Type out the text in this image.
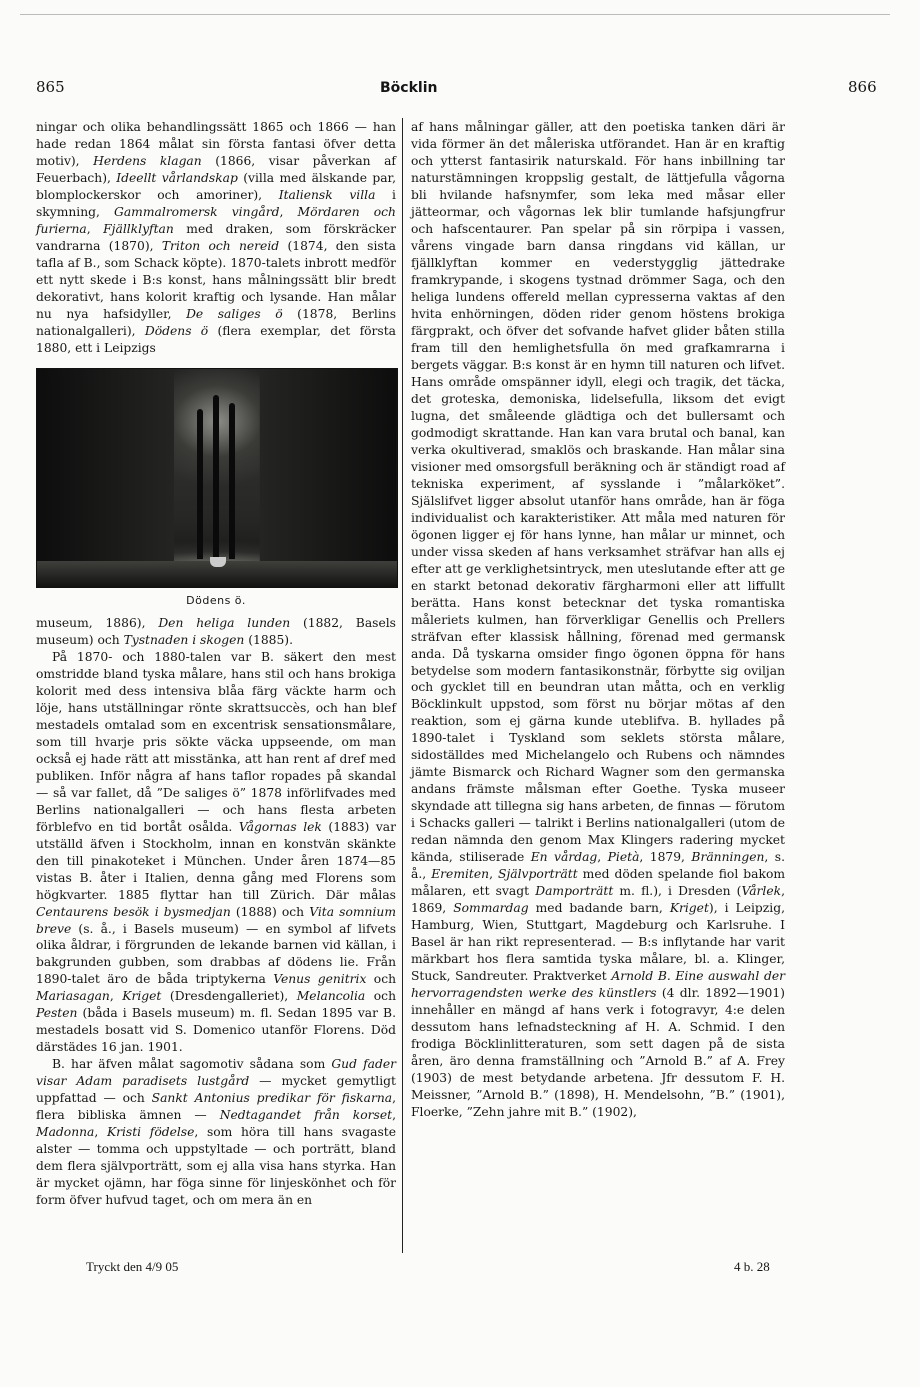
865	Böcklin	866

ningar och olika behandlingssätt 1865 och 1866 — han hade redan 1864 målat sin första fantasi öfver detta motiv), Herdens klagan (1866, visar påverkan af Feuerbach), Ideellt vårlandskap (villa med älskande par, blomplockerskor och amoriner), Italiensk villa i skymning, Gammalromersk vingård, Mördaren och furierna, Fjällklyftan med draken, som förskräcker vandrarna (1870), Triton och nereid (1874, den sista tafla af B., som Schack köpte). 1870-talets inbrott medför ett nytt skede i B:s konst, hans målningssätt blir bredt dekorativt, hans kolorit kraftig och lysande. Han målar nu nya hafsidyller, De saliges ö (1878, Berlins nationalgalleri), Dödens ö (flera exemplar, det första 1880, ett i Leipzigs

Dödens ö.

museum, 1886), Den heliga lunden (1882, Basels museum) och Tystnaden i skogen (1885).

På 1870- och 1880-talen var B. säkert den mest omstridde bland tyska målare, hans stil och hans brokiga kolorit med dess intensiva blåa färg väckte harm och löje, hans utställningar rönte skrattsuccès, och han blef mestadels omtalad som en excentrisk sensationsmålare, som till hvarje pris sökte väcka uppseende, om man också ej hade rätt att misstänka, att han rent af dref med publiken. Inför några af hans taflor ropades på skandal — så var fallet, då ”De saliges ö” 1878 införlifvades med Berlins nationalgalleri — och hans flesta arbeten förblefvo en tid bortåt osålda. Vågornas lek (1883) var utställd äfven i Stockholm, innan en konstvän skänkte den till pinakoteket i München. Under åren 1874—85 vistas B. åter i Italien, denna gång med Florens som högkvarter. 1885 flyttar han till Zürich. Där målas Centaurens besök i bysmedjan (1888) och Vita somnium breve (s. å., i Basels museum) — en symbol af lifvets olika åldrar, i förgrunden de lekande barnen vid källan, i bakgrunden gubben, som drabbas af dödens lie. Från 1890-talet äro de båda triptykerna Venus genitrix och Mariasagan, Kriget (Dresdengalleriet), Melancolia och Pesten (båda i Basels museum) m. fl. Sedan 1895 var B. mestadels bosatt vid S. Domenico utanför Florens. Död därstädes 16 jan. 1901.

B. har äfven målat sagomotiv sådana som Gud fader visar Adam paradisets lustgård — mycket gemytligt uppfattad — och Sankt Antonius predikar för fiskarna, flera bibliska ämnen — Nedtagandet från korset, Madonna, Kristi födelse, som höra till hans svagaste alster — tomma och uppstyltade — och porträtt, bland dem flera självporträtt, som ej alla visa hans styrka. Han är mycket ojämn, har föga sinne för linjeskönhet och för form öfver hufvud taget, och om mera än en

af hans målningar gäller, att den poetiska tanken däri är vida förmer än det måleriska utförandet. Han är en kraftig och ytterst fantasirik naturskald. För hans inbillning tar naturstämningen kroppslig gestalt, de lättjefulla vågorna bli hvilande hafsnymfer, som leka med måsar eller jätteormar, och vågornas lek blir tumlande hafsjungfrur och hafscentaurer. Pan spelar på sin rörpipa i vassen, vårens vingade barn dansa ringdans vid källan, ur fjällklyftan kommer en vederstygglig jättedrake framkrypande, i skogens tystnad drömmer Saga, och den heliga lundens offereld mellan cypresserna vaktas af den hvita enhörningen, döden rider genom höstens brokiga färgprakt, och öfver det sofvande hafvet glider båten stilla fram till den hemlighetsfulla ön med grafkamrarna i bergets väggar. B:s konst är en hymn till naturen och lifvet. Hans område omspänner idyll, elegi och tragik, det täcka, det groteska, demoniska, lidelsefulla, liksom det evigt lugna, det småleende glädtiga och det bullersamt och godmodigt skrattande. Han kan vara brutal och banal, kan verka okultiverad, smaklös och braskande. Han målar sina visioner med omsorgsfull beräkning och är ständigt road af tekniska experiment, af sysslande i ”målarköket”. Själslifvet ligger absolut utanför hans område, han är föga individualist och karakteristiker. Att måla med naturen för ögonen ligger ej för hans lynne, han målar ur minnet, och under vissa skeden af hans verksamhet sträfvar han alls ej efter att ge verklighetsintryck, men uteslutande efter att ge en starkt betonad dekorativ färgharmoni eller att liffullt berätta. Hans konst betecknar det tyska romantiska måleriets kulmen, han förverkligar Genellis och Prellers sträfvan efter klassisk hållning, förenad med germansk anda. Då tyskarna omsider fingo ögonen öppna för hans betydelse som modern fantasikonstnär, förbytte sig oviljan och gycklet till en beundran utan måtta, och en verklig Böcklinkult uppstod, som först nu börjar mötas af den reaktion, som ej gärna kunde uteblifva. B. hyllades på 1890-talet i Tyskland som seklets största målare, sidoställdes med Michelangelo och Rubens och nämndes jämte Bismarck och Richard Wagner som den germanska andans främste målsman efter Goethe. Tyska museer skyndade att tillegna sig hans arbeten, de finnas — förutom i Schacks galleri — talrikt i Berlins nationalgalleri (utom de redan nämnda den genom Max Klingers radering mycket kända, stiliserade En vårdag, Pietà, 1879, Bränningen, s. å., Eremiten, Självporträtt med döden spelande fiol bakom målaren, ett svagt Damporträtt m. fl.), i Dresden (Vårlek, 1869, Sommardag med badande barn, Kriget), i Leipzig, Hamburg, Wien, Stuttgart, Magdeburg och Karlsruhe. I Basel är han rikt representerad. — B:s inflytande har varit märkbart hos flera samtida tyska målare, bl. a. Klinger, Stuck, Sandreuter. Praktverket Arnold B. Eine auswahl der hervorragendsten werke des künstlers (4 dlr. 1892—1901) innehåller en mängd af hans verk i fotogravyr, 4:e delen dessutom hans lefnadsteckning af H. A. Schmid. I den frodiga Böcklinlitteraturen, som sett dagen på de sista åren, äro denna framställning och ”Arnold B.” af A. Frey (1903) de mest betydande arbetena. Jfr dessutom F. H. Meissner, ”Arnold B.” (1898), H. Mendelsohn, ”B.” (1901), Floerke, ”Zehn jahre mit B.” (1902),

Tryckt den 4/9 05	4 b. 28
